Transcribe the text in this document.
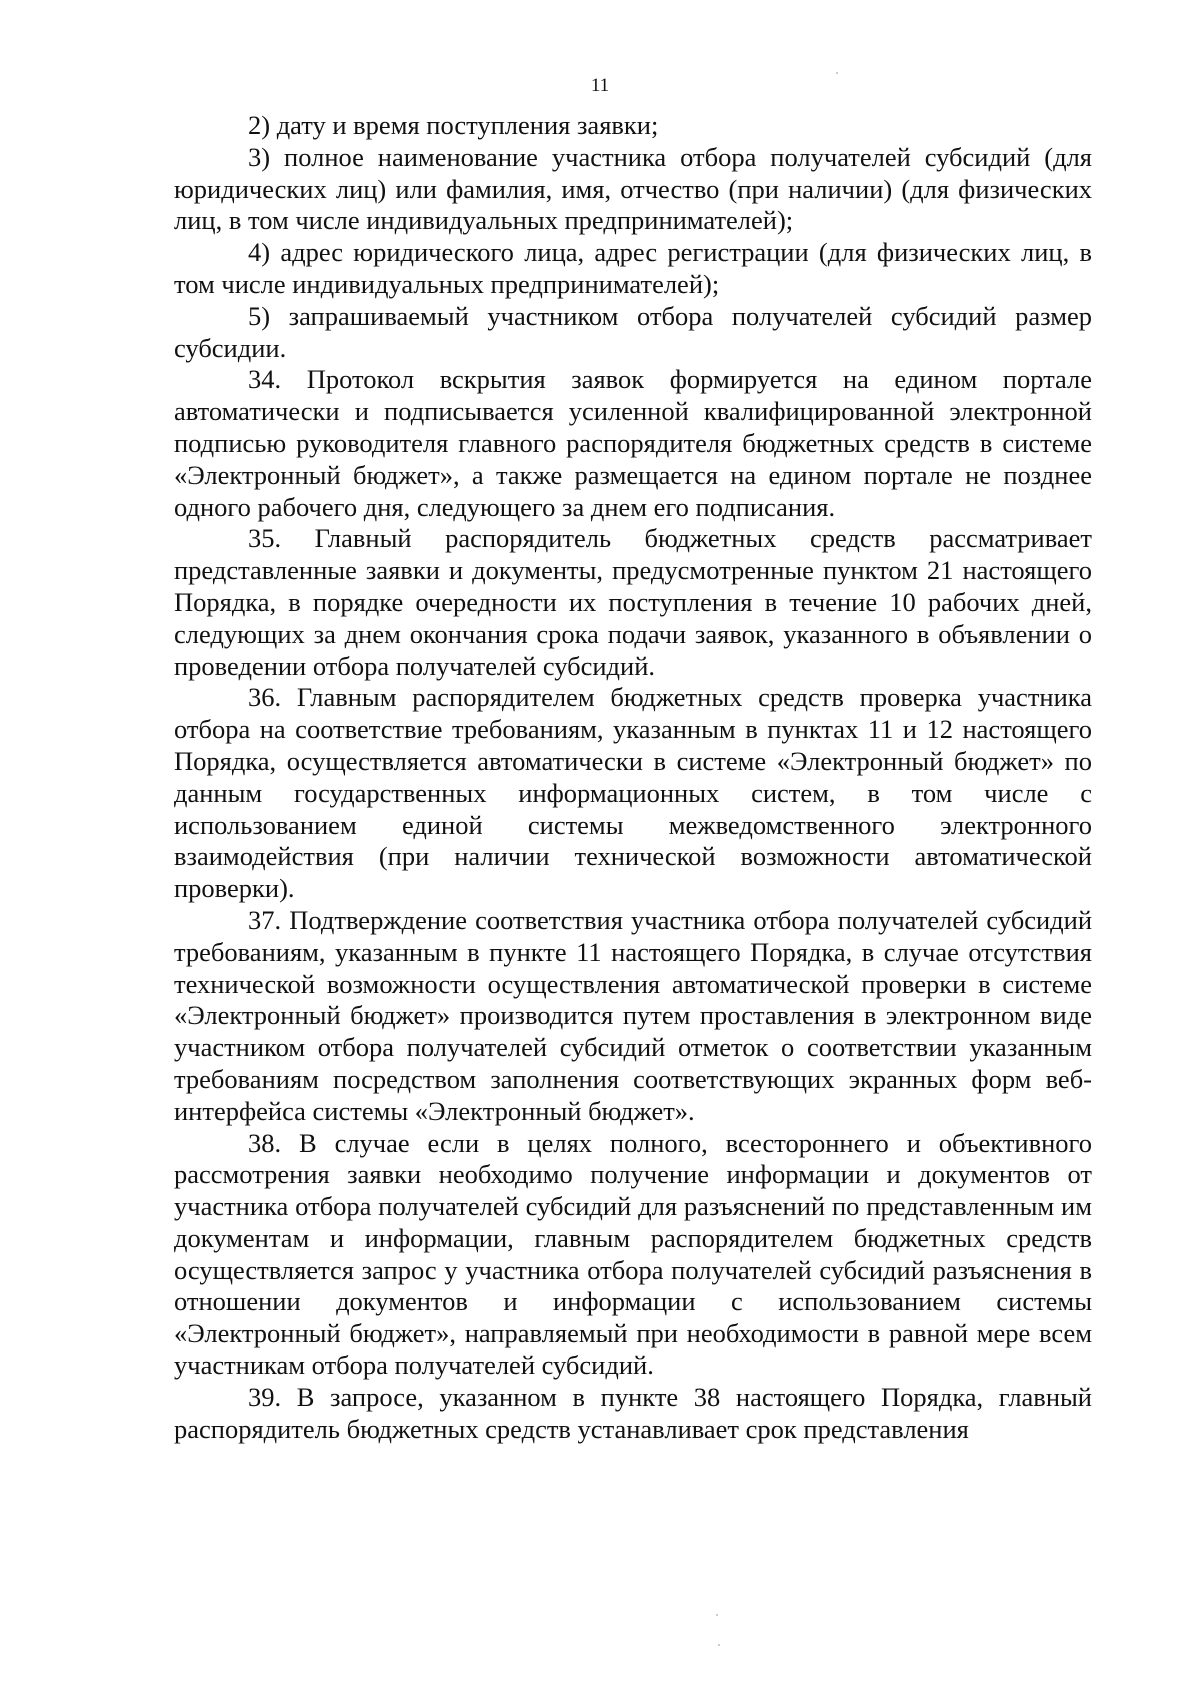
11

2) дату и время поступления заявки;

3) полное наименование участника отбора получателей субсидий (для юридических лиц) или фамилия, имя, отчество (при наличии) (для физических лиц, в том числе индивидуальных предпринимателей);

4) адрес юридического лица, адрес регистрации (для физических лиц, в том числе индивидуальных предпринимателей);

5) запрашиваемый участником отбора получателей субсидий размер субсидии.

34. Протокол вскрытия заявок формируется на едином портале автоматически и подписывается усиленной квалифицированной электронной подписью руководителя главного распорядителя бюджетных средств в системе «Электронный бюджет», а также размещается на едином портале не позднее одного рабочего дня, следующего за днем его подписания.

35. Главный распорядитель бюджетных средств рассматривает представленные заявки и документы, предусмотренные пунктом 21 настоящего Порядка, в порядке очередности их поступления в течение 10 рабочих дней, следующих за днем окончания срока подачи заявок, указанного в объявлении о проведении отбора получателей субсидий.

36. Главным распорядителем бюджетных средств проверка участника отбора на соответствие требованиям, указанным в пунктах 11 и 12 настоящего Порядка, осуществляется автоматически в системе «Электронный бюджет» по данным государственных информационных систем, в том числе с использованием единой системы межведомственного электронного взаимодействия (при наличии технической возможности автоматической проверки).

37. Подтверждение соответствия участника отбора получателей субсидий требованиям, указанным в пункте 11 настоящего Порядка, в случае отсутствия технической возможности осуществления автоматической проверки в системе «Электронный бюджет» производится путем проставления в электронном виде участником отбора получателей субсидий отметок о соответствии указанным требованиям посредством заполнения соответствующих экранных форм веб-интерфейса системы «Электронный бюджет».

38. В случае если в целях полного, всестороннего и объективного рассмотрения заявки необходимо получение информации и документов от участника отбора получателей субсидий для разъяснений по представленным им документам и информации, главным распорядителем бюджетных средств осуществляется запрос у участника отбора получателей субсидий разъяснения в отношении документов и информации с использованием системы «Электронный бюджет», направляемый при необходимости в равной мере всем участникам отбора получателей субсидий.

39. В запросе, указанном в пункте 38 настоящего Порядка, главный распорядитель бюджетных средств устанавливает срок представления
